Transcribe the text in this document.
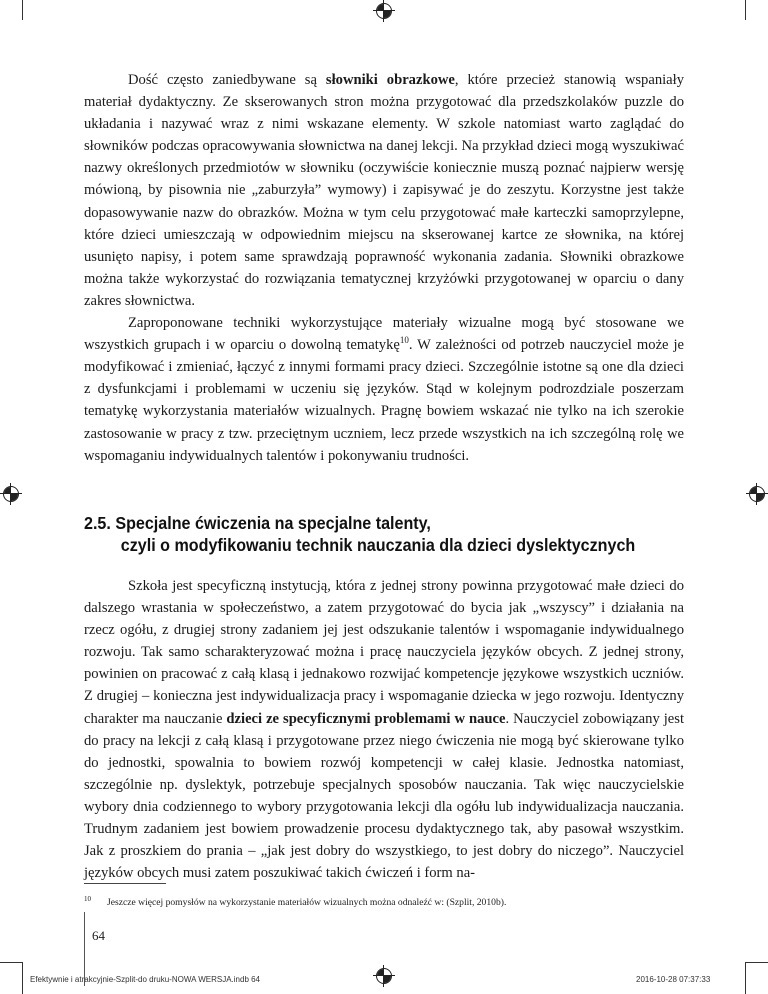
Dość często zaniedbywane są słowniki obrazkowe, które przecież stanowią wspaniały materiał dydaktyczny. Ze skserowanych stron można przygotować dla przedszkolaków puzzle do układania i nazywać wraz z nimi wskazane elementy. W szkole natomiast warto zaglądać do słowników podczas opracowywania słownictwa na danej lekcji. Na przykład dzieci mogą wyszukiwać nazwy określonych przedmiotów w słowniku (oczywiście koniecznie muszą poznać najpierw wersję mówioną, by pisownia nie „zaburzyła” wymowy) i zapisywać je do zeszytu. Korzystne jest także dopasowywanie nazw do obrazków. Można w tym celu przygotować małe karteczki samoprzylepne, które dzieci umieszczają w odpowiednim miejscu na skserowanej kartce ze słownika, na której usunięto napisy, i potem same sprawdzają poprawność wykonania zadania. Słowniki obrazkowe można także wykorzystać do rozwiązania tematycznej krzyżówki przygotowanej w oparciu o dany zakres słownictwa.

Zaproponowane techniki wykorzystujące materiały wizualne mogą być stosowane we wszystkich grupach i w oparciu o dowolną tematykę$^{10}$. W zależności od potrzeb nauczyciel może je modyfikować i zmieniać, łączyć z innymi formami pracy dzieci. Szczególnie istotne są one dla dzieci z dysfunkcjami i problemami w uczeniu się języków. Stąd w kolejnym podrozdziale poszerzam tematykę wykorzystania materiałów wizualnych. Pragnę bowiem wskazać nie tylko na ich szerokie zastosowanie w pracy z tzw. przeciętnym uczniem, lecz przede wszystkich na ich szczególną rolę we wspomaganiu indywidualnych talentów i pokonywaniu trudności.

2.5. Specjalne ćwiczenia na specjalne talenty,
czyli o modyfikowaniu technik nauczania dla dzieci dyslektycznych

Szkoła jest specyficzną instytucją, która z jednej strony powinna przygotować małe dzieci do dalszego wrastania w społeczeństwo, a zatem przygotować do bycia jak „wszyscy” i działania na rzecz ogółu, z drugiej strony zadaniem jej jest odszukanie talentów i wspomaganie indywidualnego rozwoju. Tak samo scharakteryzować można i pracę nauczyciela języków obcych. Z jednej strony, powinien on pracować z całą klasą i jednakowo rozwijać kompetencje językowe wszystkich uczniów. Z drugiej – konieczna jest indywidualizacja pracy i wspomaganie dziecka w jego rozwoju. Identyczny charakter ma nauczanie dzieci ze specyficznymi problemami w nauce. Nauczyciel zobowiązany jest do pracy na lekcji z całą klasą i przygotowane przez niego ćwiczenia nie mogą być skierowane tylko do jednostki, spowalnia to bowiem rozwój kompetencji w całej klasie. Jednostka natomiast, szczególnie np. dyslektyk, potrzebuje specjalnych sposobów nauczania. Tak więc nauczycielskie wybory dnia codziennego to wybory przygotowania lekcji dla ogółu lub indywidualizacja nauczania. Trudnym zadaniem jest bowiem prowadzenie procesu dydaktycznego tak, aby pasował wszystkim. Jak z proszkiem do prania – „jak jest dobry do wszystkiego, to jest dobry do niczego”. Nauczyciel języków obcych musi zatem poszukiwać takich ćwiczeń i form na-

$^{10}$ Jeszcze więcej pomysłów na wykorzystanie materiałów wizualnych można odnaleźć w: (Szplit, 2010b).
64
Efektywnie i atrakcyjnie-Szplit-do druku-NOWA WERSJA.indb 64	2016-10-28 07:37:33
